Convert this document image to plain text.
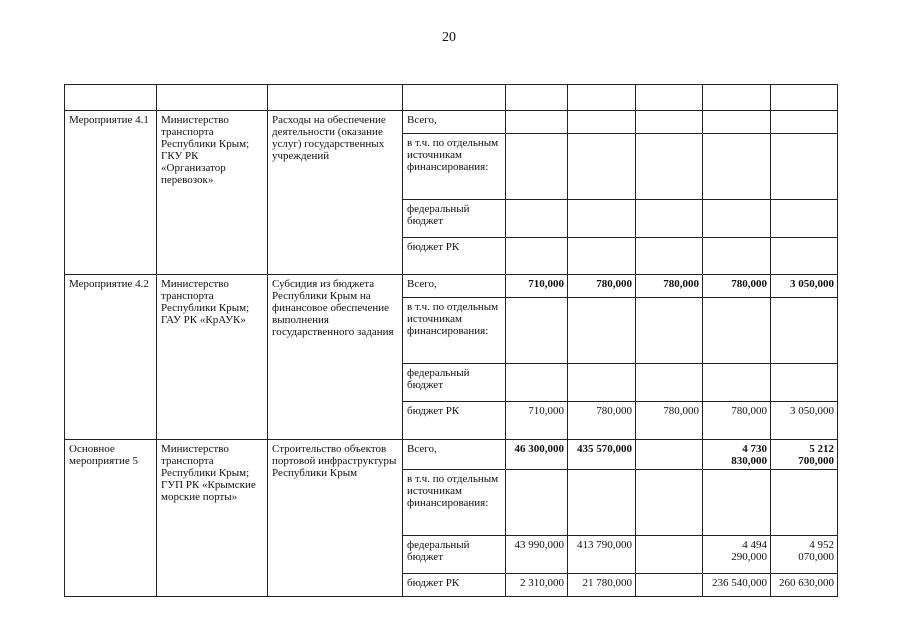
20

Мероприятие 4.1	Министерство транспорта Республики Крым; ГКУ РК «Организатор перевозок»	Расходы на обеспечение деятельности (оказание услуг) государственных учреждений	Всего,					
			в т.ч. по отдельным источникам финансирования:					
			федеральный бюджет					
			бюджет РК					
Мероприятие 4.2	Министерство транспорта Республики Крым; ГАУ РК «КрАУК»	Субсидия из бюджета Республики Крым на финансовое обеспечение выполнения государственного задания	Всего,	710,000	780,000	780,000	780,000	3 050,000
			в т.ч. по отдельным источникам финансирования:					
			федеральный бюджет					
			бюджет РК	710,000	780,000	780,000	780,000	3 050,000
Основное мероприятие 5	Министерство транспорта Республики Крым; ГУП РК «Крымские морские порты»	Строительство объектов портовой инфраструктуры Республики Крым	Всего,	46 300,000	435 570,000		4 730 830,000	5 212 700,000
			в т.ч. по отдельным источникам финансирования:					
			федеральный бюджет	43 990,000	413 790,000		4 494 290,000	4 952 070,000
			бюджет РК	2 310,000	21 780,000		236 540,000	260 630,000
